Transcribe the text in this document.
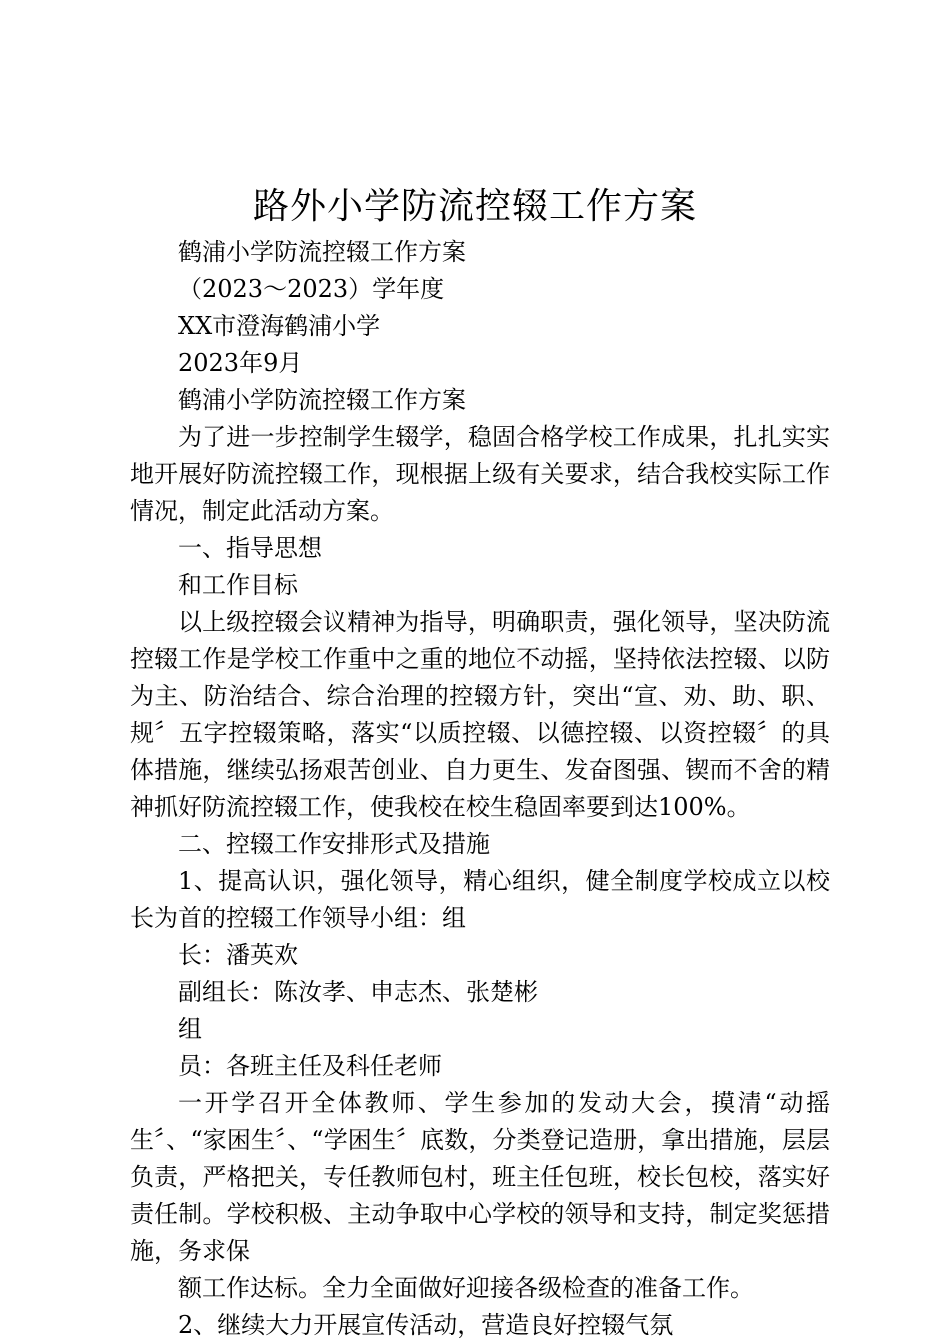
路外小学防流控辍工作方案

鹤浦小学防流控辍工作方案

（2023～2023）学年度

XX市澄海鹤浦小学

2023年9月

鹤浦小学防流控辍工作方案

为了进一步控制学生辍学，稳固合格学校工作成果，扎扎实实地开展好防流控辍工作，现根据上级有关要求，结合我校实际工作情况，制定此活动方案。

一、指导思想

和工作目标

以上级控辍会议精神为指导，明确职责，强化领导，坚决防流控辍工作是学校工作重中之重的地位不动摇，坚持依法控辍、以防为主、防治结合、综合治理的控辍方针，突出“宣、劝、助、职、规〞五字控辍策略，落实“以质控辍、以德控辍、以资控辍〞的具体措施，继续弘扬艰苦创业、自力更生、发奋图强、锲而不舍的精神抓好防流控辍工作，使我校在校生稳固率要到达100%。

二、控辍工作安排形式及措施

1、提高认识，强化领导，精心组织，健全制度学校成立以校长为首的控辍工作领导小组：组

长：潘英欢

副组长：陈汝孝、申志杰、张楚彬

组

员：各班主任及科任老师

一开学召开全体教师、学生参加的发动大会，摸清“动摇生〞、“家困生〞、“学困生〞底数，分类登记造册，拿出措施，层层负责，严格把关，专任教师包村，班主任包班，校长包校，落实好责任制。学校积极、主动争取中心学校的领导和支持，制定奖惩措施，务求保

额工作达标。全力全面做好迎接各级检查的准备工作。

2、继续大力开展宣传活动，营造良好控辍气氛
